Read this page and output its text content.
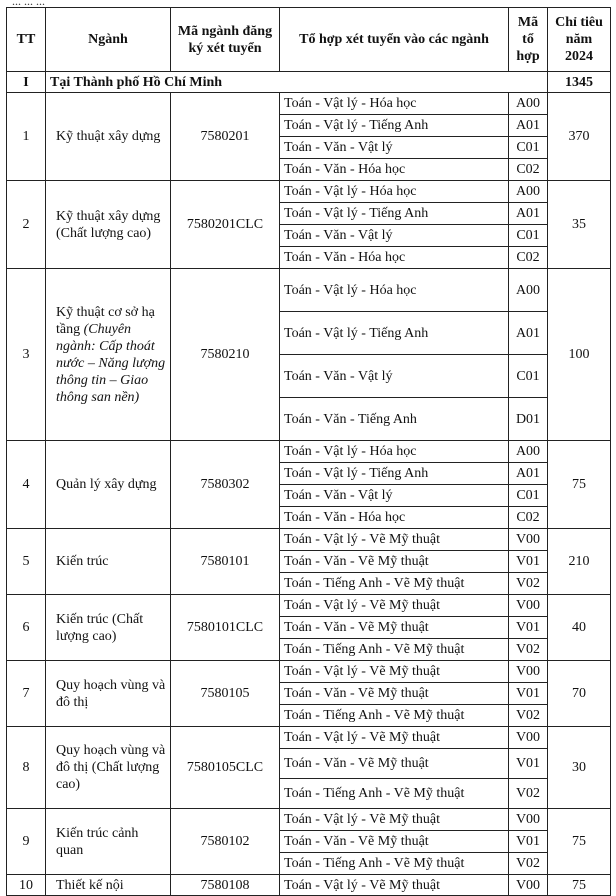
... ... ...
TT	Ngành	Mã ngành đăng ký xét tuyển	Tổ hợp xét tuyển vào các ngành	Mã tổ hợp	Chỉ tiêu năm 2024
I	Tại Thành phố Hồ Chí Minh				1345
1	Kỹ thuật xây dựng	7580201	Toán - Vật lý - Hóa học	A00	370
			Toán - Vật lý - Tiếng Anh	A01	
			Toán - Văn - Vật lý	C01	
			Toán - Văn - Hóa học	C02	
2	Kỹ thuật xây dựng (Chất lượng cao)	7580201CLC	Toán - Vật lý - Hóa học	A00	35
			Toán - Vật lý - Tiếng Anh	A01	
			Toán - Văn - Vật lý	C01	
			Toán - Văn - Hóa học	C02	
3	Kỹ thuật cơ sở hạ tầng (Chuyên ngành: Cấp thoát nước – Năng lượng thông tin – Giao thông san nền)	7580210	Toán - Vật lý - Hóa học	A00	100
			Toán - Vật lý - Tiếng Anh	A01	
			Toán - Văn - Vật lý	C01	
			Toán - Văn - Tiếng Anh	D01	
4	Quản lý xây dựng	7580302	Toán - Vật lý - Hóa học	A00	75
			Toán - Vật lý - Tiếng Anh	A01	
			Toán - Văn - Vật lý	C01	
			Toán - Văn - Hóa học	C02	
5	Kiến trúc	7580101	Toán - Vật lý - Vẽ Mỹ thuật	V00	210
			Toán - Văn - Vẽ Mỹ thuật	V01	
			Toán - Tiếng Anh - Vẽ Mỹ thuật	V02	
6	Kiến trúc (Chất lượng cao)	7580101CLC	Toán - Vật lý - Vẽ Mỹ thuật	V00	40
			Toán - Văn - Vẽ Mỹ thuật	V01	
			Toán - Tiếng Anh - Vẽ Mỹ thuật	V02	
7	Quy hoạch vùng và đô thị	7580105	Toán - Vật lý - Vẽ Mỹ thuật	V00	70
			Toán - Văn - Vẽ Mỹ thuật	V01	
			Toán - Tiếng Anh - Vẽ Mỹ thuật	V02	
8	Quy hoạch vùng và đô thị (Chất lượng cao)	7580105CLC	Toán - Vật lý - Vẽ Mỹ thuật	V00	30
			Toán - Văn - Vẽ Mỹ thuật	V01	
			Toán - Tiếng Anh - Vẽ Mỹ thuật	V02	
9	Kiến trúc cảnh quan	7580102	Toán - Vật lý - Vẽ Mỹ thuật	V00	75
			Toán - Văn - Vẽ Mỹ thuật	V01	
			Toán - Tiếng Anh - Vẽ Mỹ thuật	V02	
10	Thiết kế nội	7580108	Toán - Vật lý - Vẽ Mỹ thuật	V00	75
